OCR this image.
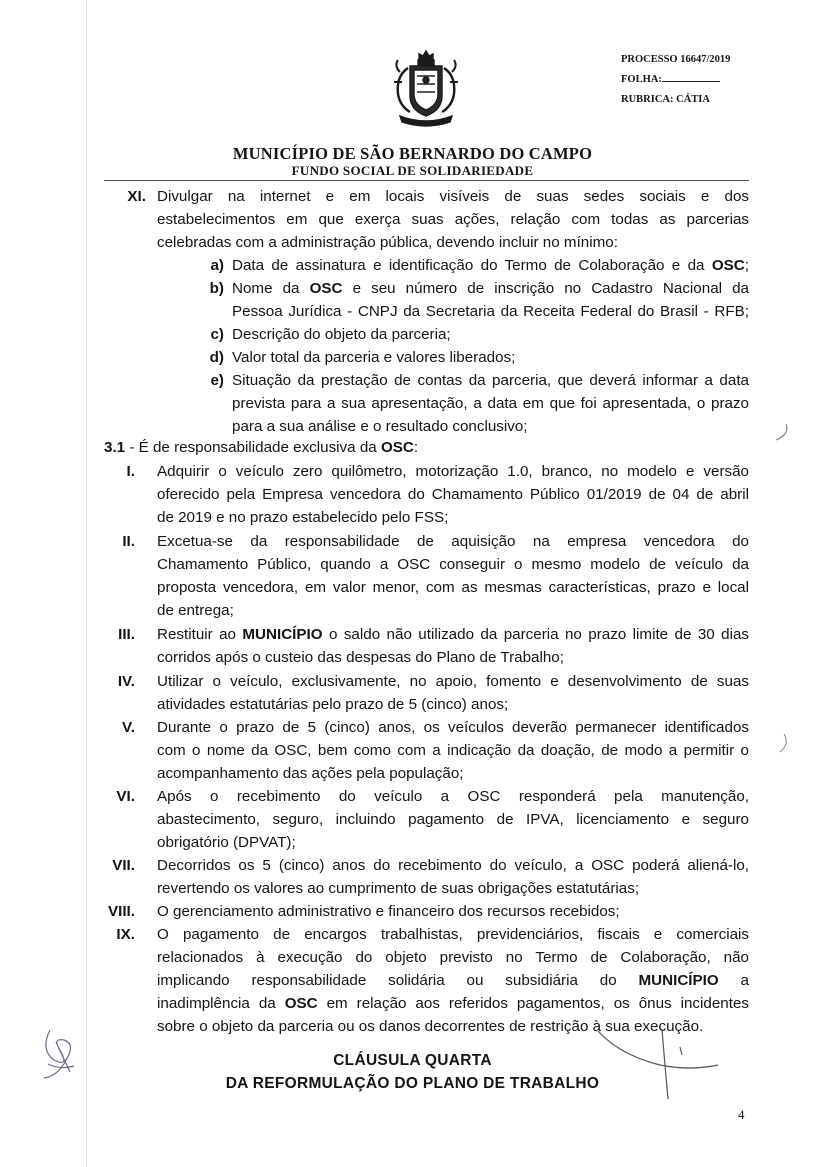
PROCESSO 16647/2019
FOLHA:
RUBRICA: CÁTIA
MUNICÍPIO DE SÃO BERNARDO DO CAMPO
FUNDO SOCIAL DE SOLIDARIEDADE
XI. Divulgar na internet e em locais visíveis de suas sedes sociais e dos
estabelecimentos em que exerça suas ações, relação com todas as parcerias
celebradas com a administração pública, devendo incluir no mínimo:
a) Data de assinatura e identificação do Termo de Colaboração e da OSC;
b) Nome da OSC e seu número de inscrição no Cadastro Nacional da
Pessoa Jurídica - CNPJ da Secretaria da Receita Federal do Brasil - RFB;
c) Descrição do objeto da parceria;
d) Valor total da parceria e valores liberados;
e) Situação da prestação de contas da parceria, que deverá informar a data
prevista para a sua apresentação, a data em que foi apresentada, o prazo
para a sua análise e o resultado conclusivo;
3.1 - É de responsabilidade exclusiva da OSC:
I. Adquirir o veículo zero quilômetro, motorização 1.0, branco, no modelo e versão
oferecido pela Empresa vencedora do Chamamento Público 01/2019 de 04 de abril
de 2019 e no prazo estabelecido pelo FSS;
II. Excetua-se da responsabilidade de aquisição na empresa vencedora do
Chamamento Público, quando a OSC conseguir o mesmo modelo de veículo da
proposta vencedora, em valor menor, com as mesmas características, prazo e local
de entrega;
III. Restituir ao MUNICÍPIO o saldo não utilizado da parceria no prazo limite de 30 dias
corridos após o custeio das despesas do Plano de Trabalho;
IV. Utilizar o veículo, exclusivamente, no apoio, fomento e desenvolvimento de suas
atividades estatutárias pelo prazo de 5 (cinco) anos;
V. Durante o prazo de 5 (cinco) anos, os veículos deverão permanecer identificados
com o nome da OSC, bem como com a indicação da doação, de modo a permitir o
acompanhamento das ações pela população;
VI. Após o recebimento do veículo a OSC responderá pela manutenção,
abastecimento, seguro, incluindo pagamento de IPVA, licenciamento e seguro
obrigatório (DPVAT);
VII. Decorridos os 5 (cinco) anos do recebimento do veículo, a OSC poderá aliená-lo,
revertendo os valores ao cumprimento de suas obrigações estatutárias;
VIII. O gerenciamento administrativo e financeiro dos recursos recebidos;
IX. O pagamento de encargos trabalhistas, previdenciários, fiscais e comerciais
relacionados à execução do objeto previsto no Termo de Colaboração, não
implicando responsabilidade solidária ou subsidiária do MUNICÍPIO a
inadimplência da OSC em relação aos referidos pagamentos, os ônus incidentes
sobre o objeto da parceria ou os danos decorrentes de restrição à sua execução.
CLÁUSULA QUARTA
DA REFORMULAÇÃO DO PLANO DE TRABALHO
4
